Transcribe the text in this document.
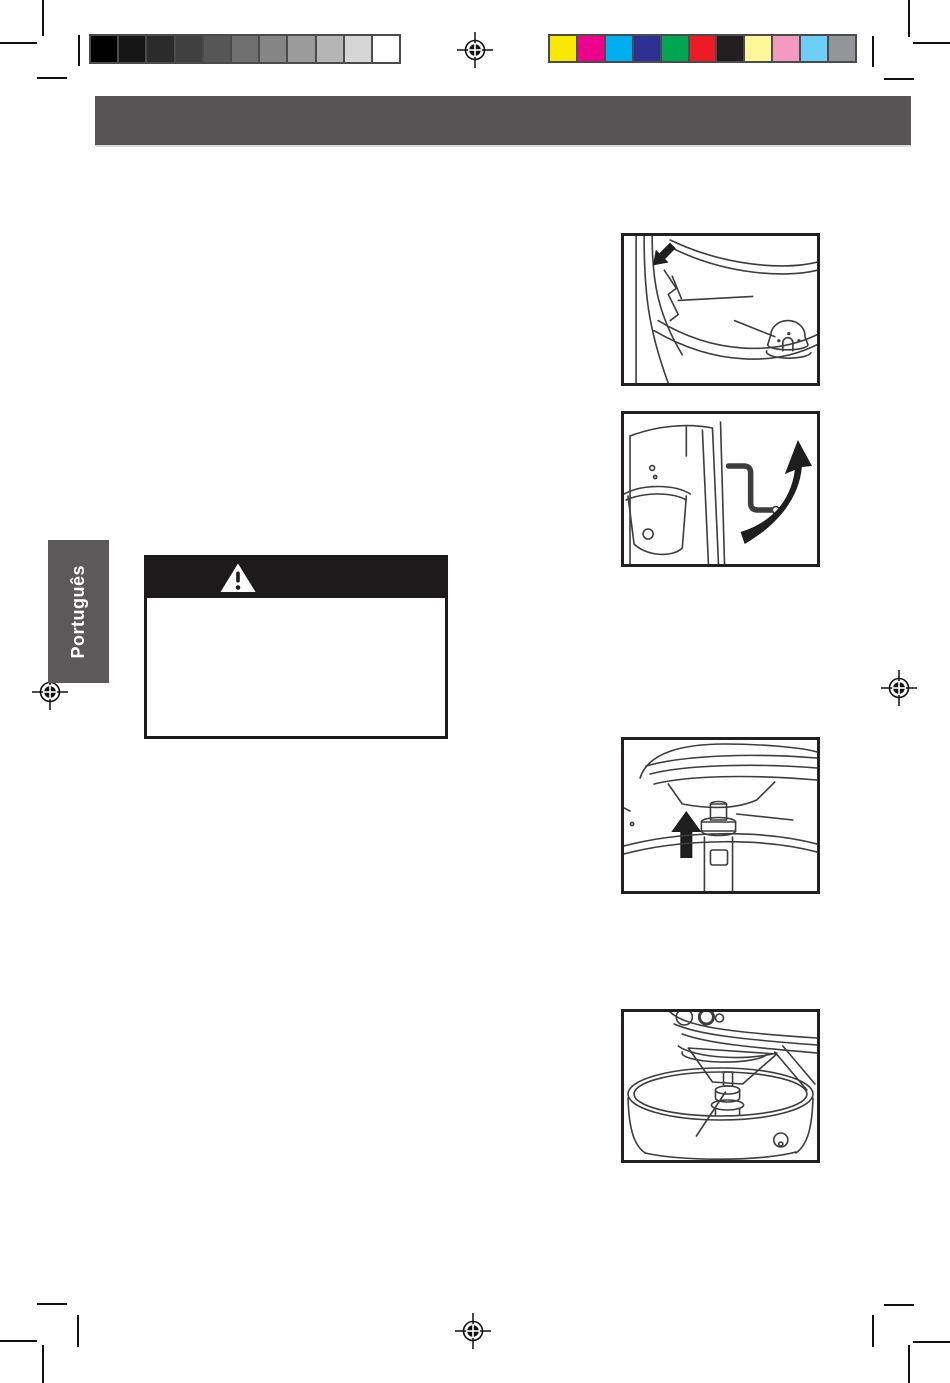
Português
